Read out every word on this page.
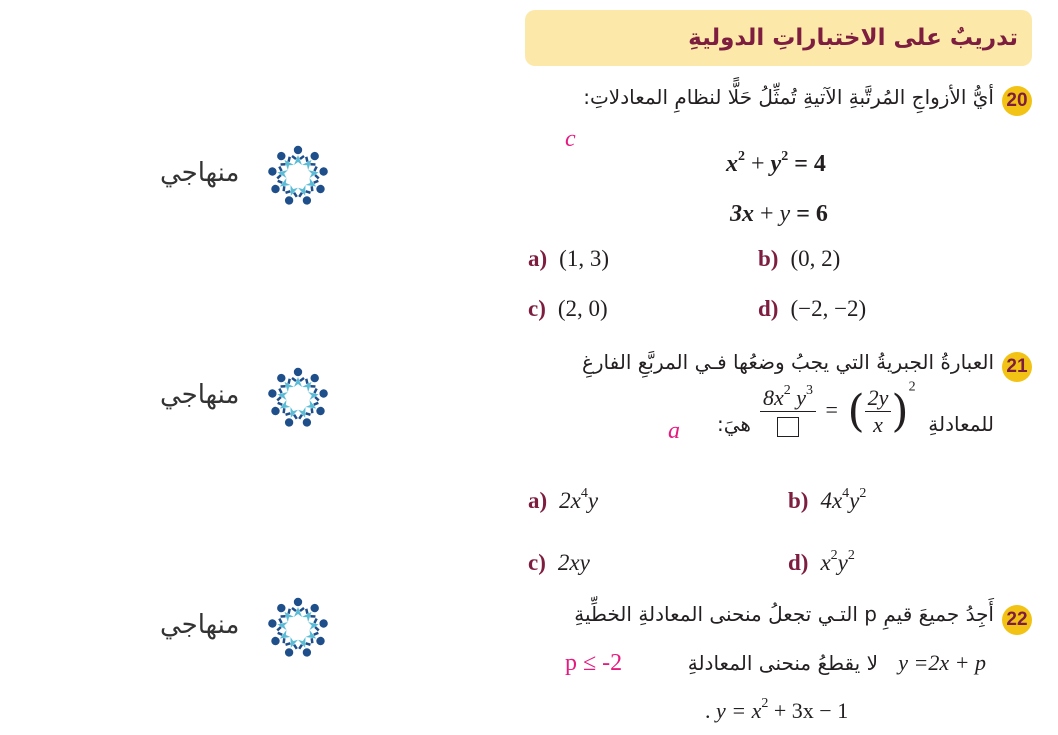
تدريبٌ على الاختباراتِ الدوليةِ
منهاجي
منهاجي
منهاجي
20
أيُّ الأزواجِ المُرتَّبةِ الآتيةِ تُمثِّلُ حَلًّا لنظامِ المعادلاتِ:
c
$x^2 + y^2 = 4$
3x + y = 6
a) (1, 3)	b) (0, 2)
c) (2, 0)	d) (−2, −2)
21
العبارةُ الجبريةُ التي يجبُ وضعُها فـي المربَّعِ الفارغِ
للمعادلةِ
هيَ:
a
$8x^2$ $y^3$
= ( $\frac{2y}{x} )^2$
a) $2x^4y$	b) $4x^4y^2$
c) 2xy	d) $x^2y^2$
22
أَجِدُ جميعَ قيمِ p التـي تجعلُ منحنى المعادلةِ الخطِّيةِ
y =2x + p
لا يقطعُ منحنى المعادلةِ
p ≤ -2
. $y = x^2 + 3x - 1$
